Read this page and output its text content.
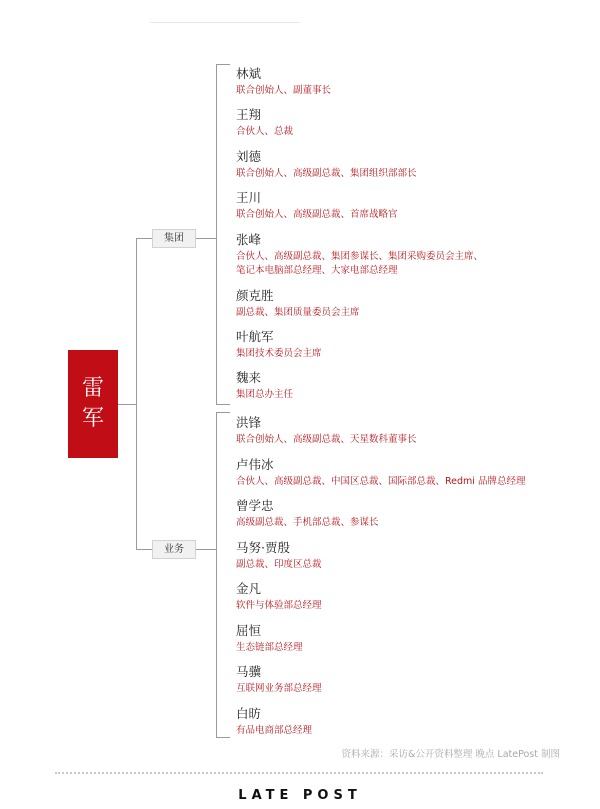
雷军
集团
业务
林斌
联合创始人、副董事长
王翔
合伙人、总裁
刘德
联合创始人、高级副总裁、集团组织部部长
王川
联合创始人、高级副总裁、首席战略官
张峰
合伙人、高级副总裁、集团参谋长、集团采购委员会主席、
笔记本电脑部总经理、大家电部总经理
颜克胜
副总裁、集团质量委员会主席
叶航军
集团技术委员会主席
魏来
集团总办主任
洪锋
联合创始人、高级副总裁、天星数科董事长
卢伟冰
合伙人、高级副总裁、中国区总裁、国际部总裁、Redmi 品牌总经理
曾学忠
高级副总裁、手机部总裁、参谋长
马努·贾殷
副总裁、印度区总裁
金凡
软件与体验部总经理
屈恒
生态链部总经理
马骥
互联网业务部总经理
白昉
有品电商部总经理
资料来源：采访&公开资料整理 晚点 LatePost 制图
LATE POST
